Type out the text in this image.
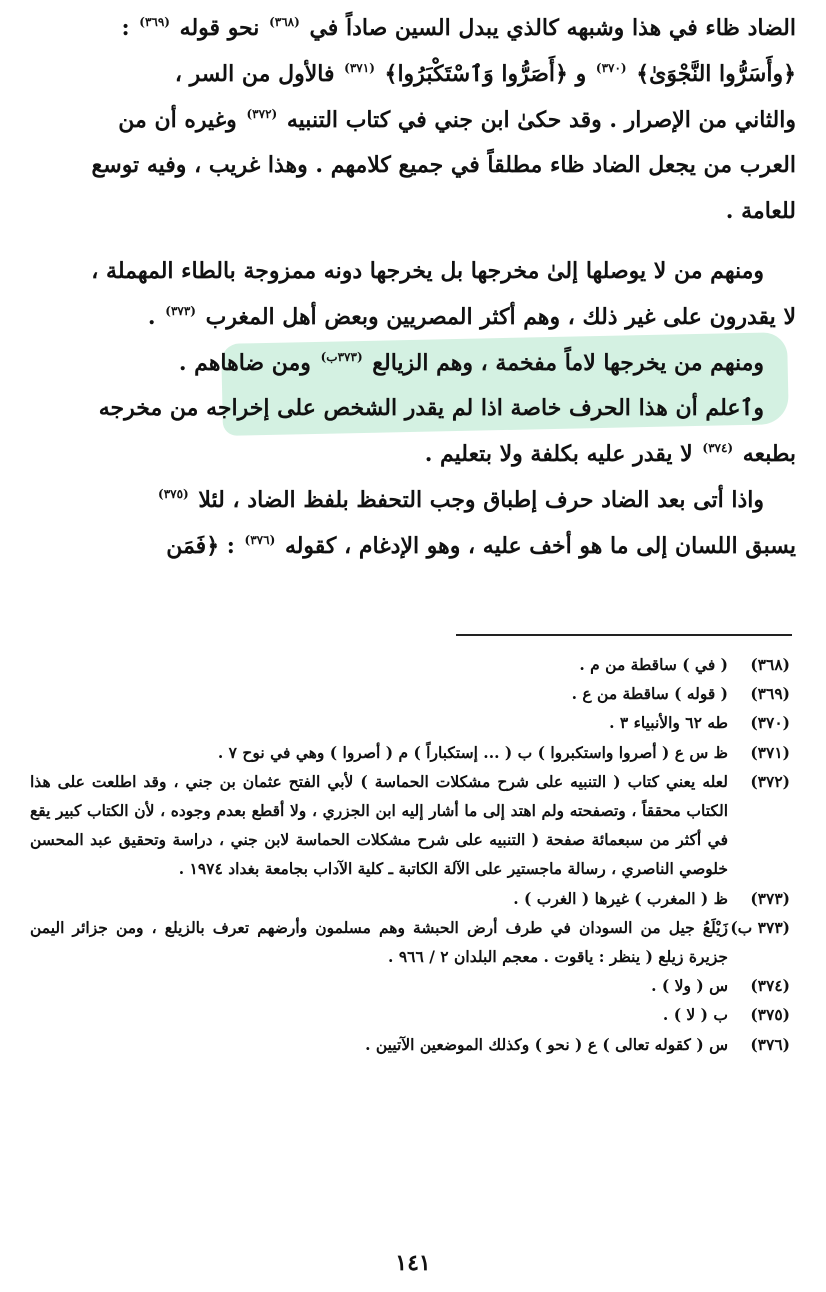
الضاد ظاء في هذا وشبهه كالذي يبدل السين صاداً في $^{(٣٦٨)}$ نحو قوله $^{(٣٦٩)}$ :

﴿وأَسَرُّوا النَّجْوَىٰ﴾ $^{(٣٧٠)}$ و ﴿أَصَرُّوا وَٱسْتَكْبَرُوا﴾ $^{(٣٧١)}$ فالأول من السر ،

والثاني من الإصرار . وقد حكىٰ ابن جني في كتاب التنبيه $^{(٣٧٢)}$ وغيره أن من

العرب من يجعل الضاد ظاء مطلقاً في جميع كلامهم . وهذا غريب ، وفيه توسع

للعامة .

ومنهم من لا يوصلها إلىٰ مخرجها بل يخرجها دونه ممزوجة بالطاء المهملة ،

لا يقدرون على غير ذلك ، وهم أكثر المصريين وبعض أهل المغرب $^{(٣٧٣)}$ .

ومنهم من يخرجها لاماً مفخمة ، وهم الزيالع $^{(٣٧٣ب)}$ ومن ضاهاهم .

وٱعلم أن هذا الحرف خاصة اذا لم يقدر الشخص على إخراجه من مخرجه

بطبعه $^{(٣٧٤)}$ لا يقدر عليه بكلفة ولا بتعليم .

واذا أتى بعد الضاد حرف إطباق وجب التحفظ بلفظ الضاد ، لئلا $^{(٣٧٥)}$

يسبق اللسان إلى ما هو أخف عليه ، وهو الإدغام ، كقوله $^{(٣٧٦)}$ : ﴿فَمَن

(٣٦٨)
( في ) ساقطة من م .
(٣٦٩)
( قوله ) ساقطة من ع .
(٣٧٠)
طه ٦٢ والأنبياء ٣ .
(٣٧١)
ظ س ع ( أصروا واستكبروا ) ب ( ... إستكباراً ) م ( أصروا ) وهي في نوح ٧ .
(٣٧٢)
لعله يعني كتاب ( التنبيه على شرح مشكلات الحماسة ) لأبي الفتح عثمان بن جني ، وقد اطلعت على هذا الكتاب محققاً ، وتصفحته ولم اهتد إلى ما أشار إليه ابن الجزري ، ولا أقطع بعدم وجوده ، لأن الكتاب كبير يقع في أكثر من سبعمائة صفحة ( التنبيه على شرح مشكلات الحماسة لابن جني ، دراسة وتحقيق عبد المحسن خلوصي الناصري ، رسالة ماجستير على الآلة الكاتبة ـ كلية الآداب بجامعة بغداد ١٩٧٤ .
(٣٧٣)
ظ ( المغرب ) غيرها ( الغرب ) .
(٣٧٣ ب)
زَيْلَعُ جيل من السودان في طرف أرض الحبشة وهم مسلمون وأرضهم تعرف بالزيلع ، ومن جزائر اليمن جزيرة زيلع ( ينظر : ياقوت . معجم البلدان ٢ / ٩٦٦ .
(٣٧٤)
س ( ولا ) .
(٣٧٥)
ب ( لا ) .
(٣٧٦)
س ( كقوله تعالى ) ع ( نحو ) وكذلك الموضعين الآتيين .
١٤١
